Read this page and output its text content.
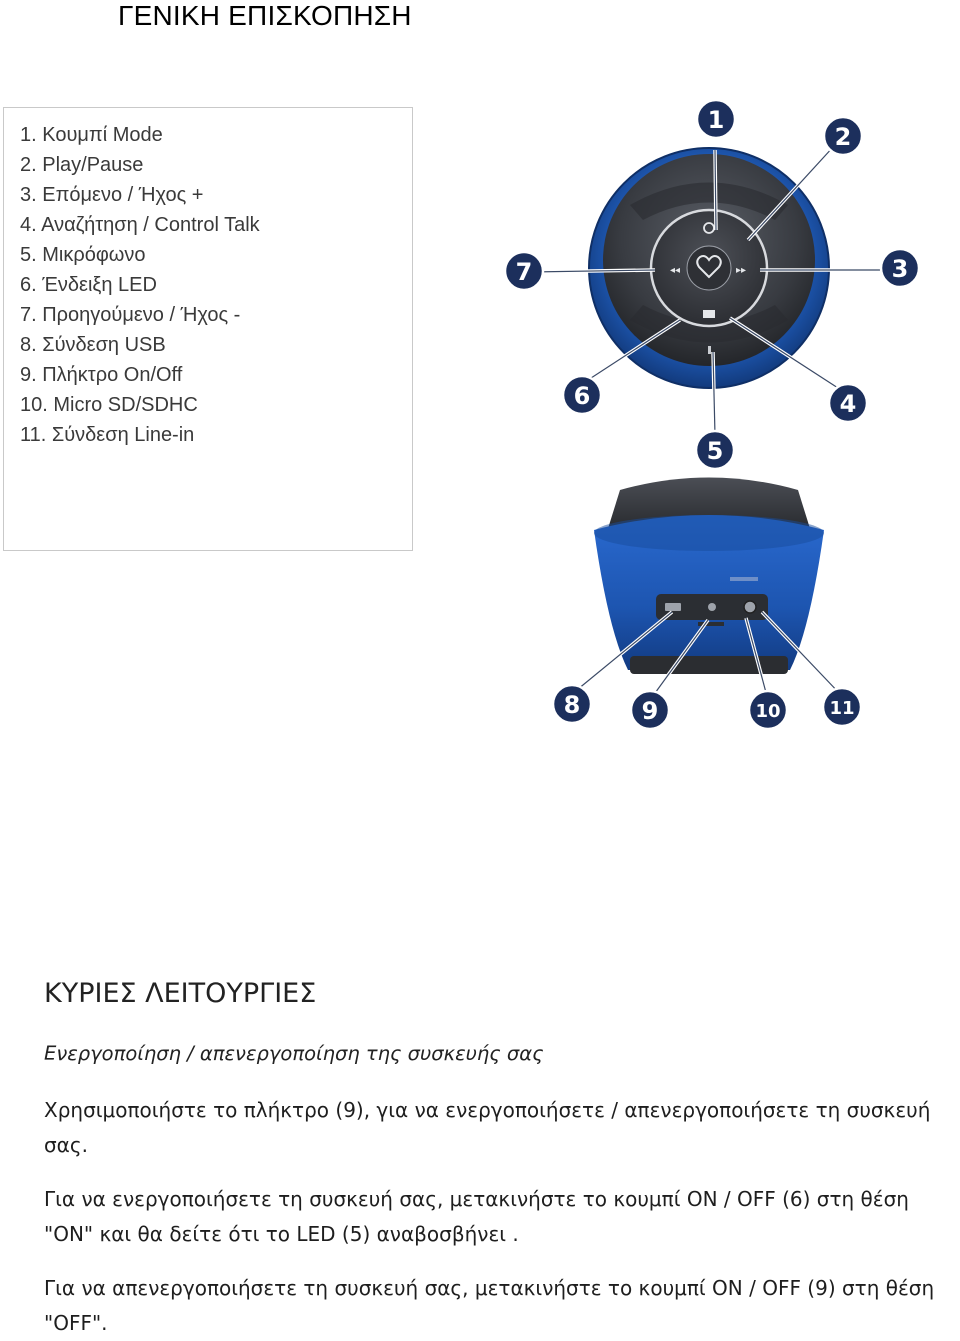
ΓΕΝΙΚΗ ΕΠΙΣΚΟΠΗΣΗ
1. Κουμπί Mode
2. Play/Pause
3. Επόμενο / Ήχος +
4. Αναζήτηση / Control Talk
5. Μικρόφωνο
6. Ένδειξη LED
7. Προηγούμενο / Ήχος -
8. Σύνδεση USB
9. Πλήκτρο On/Off
10. Micro SD/SDHC
11. Σύνδεση Line-in
◂◂	▸▸
1
2
3
4
5
6
7
8	9	10	11
ΚΥΡΙΕΣ ΛΕΙΤΟΥΡΓΙΕΣ
Ενεργοποίηση / απενεργοποίηση της συσκευής σας
Χρησιμοποιήστε το πλήκτρο (9), για να ενεργοποιήσετε / απενεργοποιήσετε τη συσκευή σας.
Για να ενεργοποιήσετε τη συσκευή σας, μετακινήστε το κουμπί ON / OFF (6) στη θέση "ON" και θα δείτε ότι το LED (5) αναβοσβήνει .
Για να απενεργοποιήσετε τη συσκευή σας, μετακινήστε το κουμπί ON / OFF (9) στη θέση "OFF".
